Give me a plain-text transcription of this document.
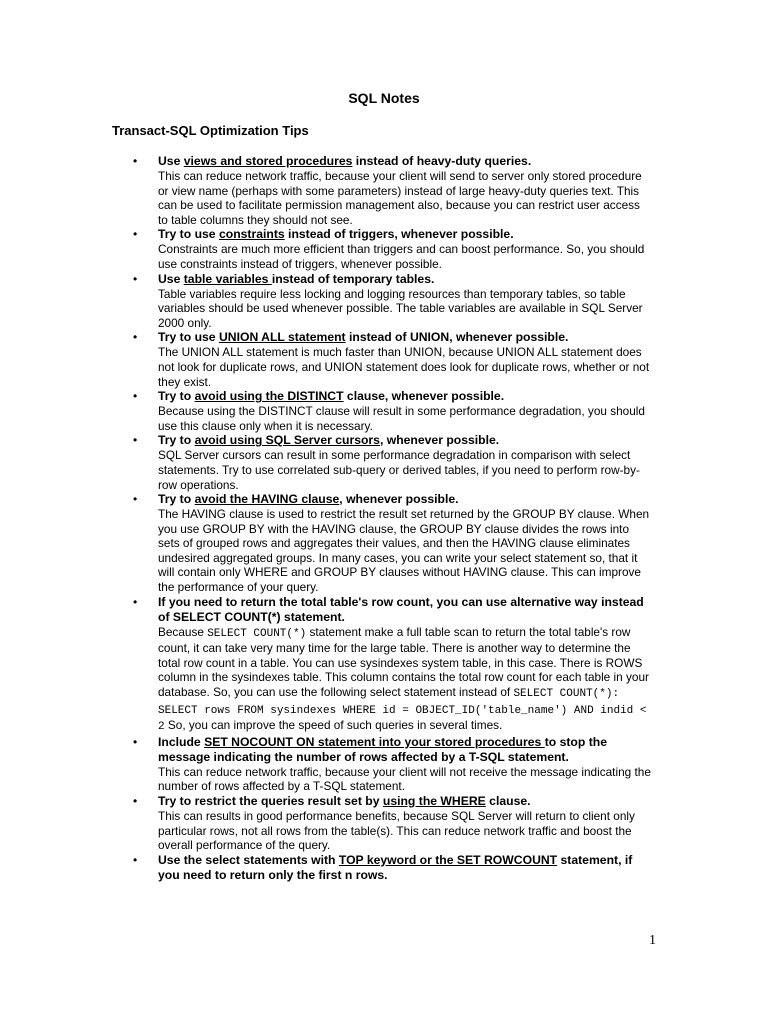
SQL Notes
Transact-SQL Optimization Tips
• Use views and stored procedures instead of heavy-duty queries.
This can reduce network traffic, because your client will send to server only stored procedure or view name (perhaps with some parameters) instead of large heavy-duty queries text. This can be used to facilitate permission management also, because you can restrict user access to table columns they should not see.
• Try to use constraints instead of triggers, whenever possible.
Constraints are much more efficient than triggers and can boost performance. So, you should use constraints instead of triggers, whenever possible.
• Use table variables instead of temporary tables.
Table variables require less locking and logging resources than temporary tables, so table variables should be used whenever possible. The table variables are available in SQL Server 2000 only.
• Try to use UNION ALL statement instead of UNION, whenever possible.
The UNION ALL statement is much faster than UNION, because UNION ALL statement does not look for duplicate rows, and UNION statement does look for duplicate rows, whether or not they exist.
• Try to avoid using the DISTINCT clause, whenever possible.
Because using the DISTINCT clause will result in some performance degradation, you should use this clause only when it is necessary.
• Try to avoid using SQL Server cursors, whenever possible.
SQL Server cursors can result in some performance degradation in comparison with select statements. Try to use correlated sub-query or derived tables, if you need to perform row-by-row operations.
• Try to avoid the HAVING clause, whenever possible.
The HAVING clause is used to restrict the result set returned by the GROUP BY clause. When you use GROUP BY with the HAVING clause, the GROUP BY clause divides the rows into sets of grouped rows and aggregates their values, and then the HAVING clause eliminates undesired aggregated groups. In many cases, you can write your select statement so, that it will contain only WHERE and GROUP BY clauses without HAVING clause. This can improve the performance of your query.
• If you need to return the total table's row count, you can use alternative way instead of SELECT COUNT(*) statement.
Because SELECT COUNT(*) statement make a full table scan to return the total table's row count, it can take very many time for the large table. There is another way to determine the total row count in a table. You can use sysindexes system table, in this case. There is ROWS column in the sysindexes table. This column contains the total row count for each table in your database. So, you can use the following select statement instead of SELECT COUNT(*): SELECT rows FROM sysindexes WHERE id = OBJECT_ID('table_name') AND indid < 2 So, you can improve the speed of such queries in several times.
• Include SET NOCOUNT ON statement into your stored procedures to stop the message indicating the number of rows affected by a T-SQL statement.
This can reduce network traffic, because your client will not receive the message indicating the number of rows affected by a T-SQL statement.
• Try to restrict the queries result set by using the WHERE clause.
This can results in good performance benefits, because SQL Server will return to client only particular rows, not all rows from the table(s). This can reduce network traffic and boost the overall performance of the query.
• Use the select statements with TOP keyword or the SET ROWCOUNT statement, if you need to return only the first n rows.
1
